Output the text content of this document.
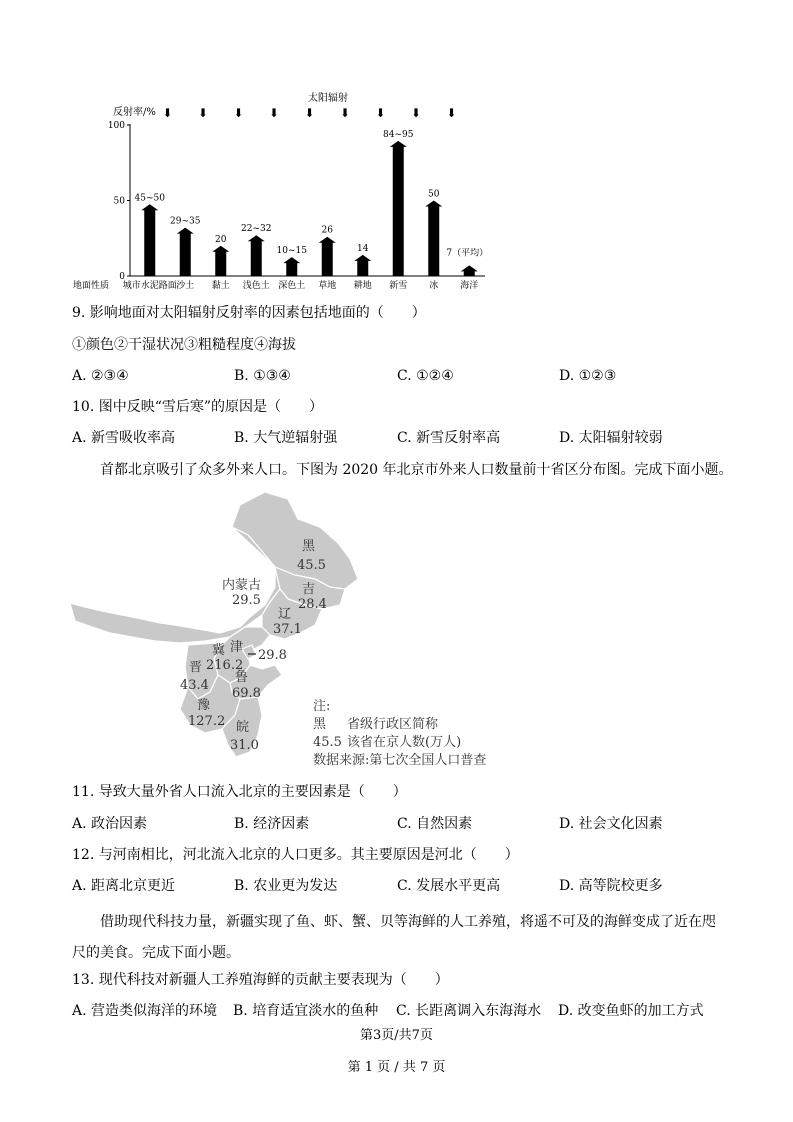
太阳辐射
反射率/% ⬇ ⬇ ⬇ ⬇ ⬇ ⬇ ⬇ ⬇ ⬇
0
50
100
45~50
29~35
20
22~32
10~15
26
14
84~95
50
7（平均）
地面性质 城市水泥路面 沙土 黏土 浅色土 深色土 草地 耕地 新雪 冰 海洋
9. 影响地面对太阳辐射反射率的因素包括地面的（　　）
①颜色②干湿状况③粗糙程度④海拔
A. ②③④	B. ①③④	C. ①②④	D. ①②③
10. 图中反映“雪后寒”的原因是（　　）
A. 新雪吸收率高	B. 大气逆辐射强	C. 新雪反射率高	D. 太阳辐射较弱
首都北京吸引了众多外来人口。下图为 2020 年北京市外来人口数量前十省区分布图。完成下面小题。
黑
45.5
内蒙古
29.5
吉
28.4
辽
37.1
冀
216.2
津
29.8
晋
43.4
鲁
69.8
豫
127.2 皖
31.0
注:
黑 省级行政区简称
45.5 该省在京人数(万人)
数据来源:第七次全国人口普查
11. 导致大量外省人口流入北京的主要因素是（　　）
A. 政治因素	B. 经济因素	C. 自然因素	D. 社会文化因素
12. 与河南相比，河北流入北京的人口更多。其主要原因是河北（　　）
A. 距离北京更近	B. 农业更为发达	C. 发展水平更高	D. 高等院校更多
借助现代科技力量，新疆实现了鱼、虾、蟹、贝等海鲜的人工养殖，将遥不可及的海鲜变成了近在咫尺的美食。完成下面小题。
13. 现代科技对新疆人工养殖海鲜的贡献主要表现为（　　）
A. 营造类似海洋的环境 B. 培育适宜淡水的鱼种 C. 长距离调入东海海水 D. 改变鱼虾的加工方式
第3页/共7页
第 1 页 / 共 7 页
